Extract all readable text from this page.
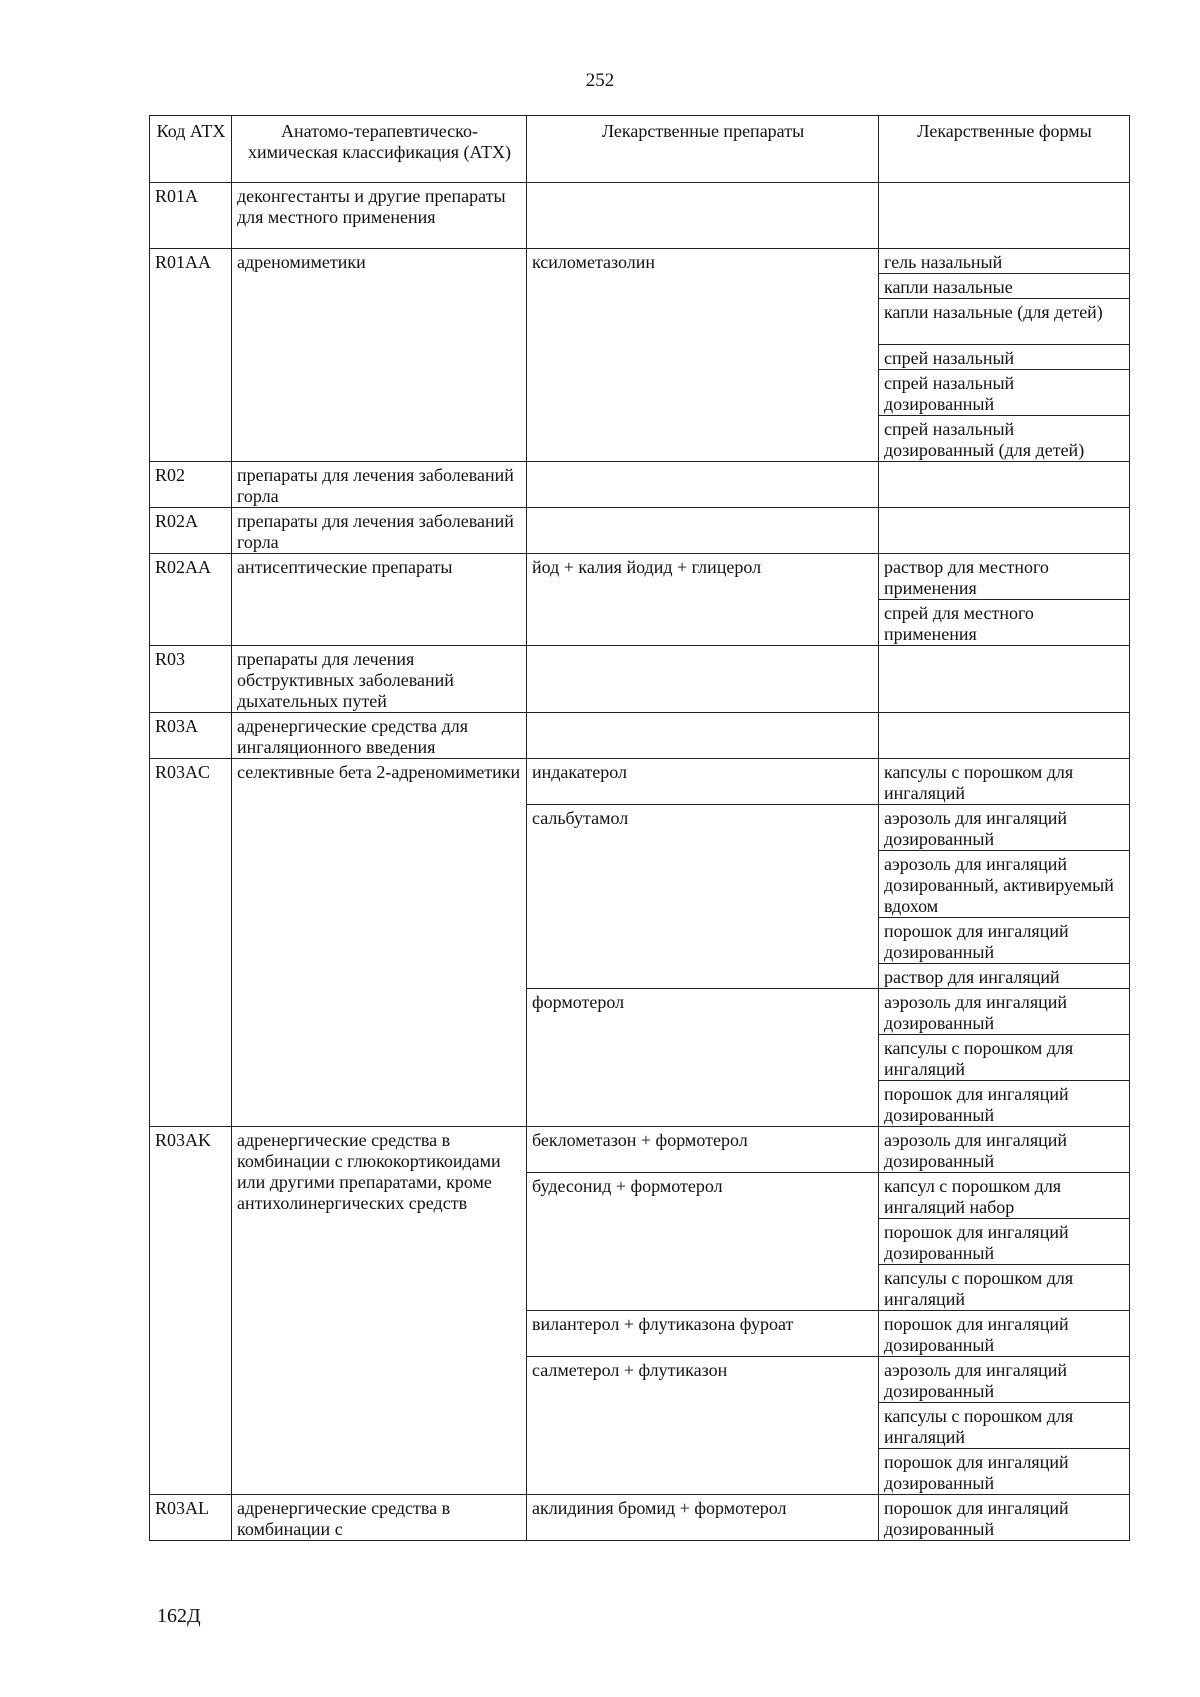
252
Код АТХ	Анатомо-терапевтическо-химическая классификация (АТХ)	Лекарственные препараты	Лекарственные формы
R01A	деконгестанты и другие препараты для местного применения		
R01AA	адреномиметики	ксилометазолин	гель назальный
			капли назальные
			капли назальные (для детей)
			спрей назальный
			спрей назальный дозированный
			спрей назальный дозированный (для детей)
R02	препараты для лечения заболеваний горла		
R02A	препараты для лечения заболеваний горла		
R02AA	антисептические препараты	йод + калия йодид + глицерол	раствор для местного применения
			спрей для местного применения
R03	препараты для лечения обструктивных заболеваний дыхательных путей		
R03A	адренергические средства для ингаляционного введения		
R03AC	селективные бета 2-адреномиметики	индакатерол	капсулы с порошком для ингаляций
		сальбутамол	аэрозоль для ингаляций дозированный
			аэрозоль для ингаляций дозированный, активируемый вдохом
			порошок для ингаляций дозированный
			раствор для ингаляций
		формотерол	аэрозоль для ингаляций дозированный
			капсулы с порошком для ингаляций
			порошок для ингаляций дозированный
R03AK	адренергические средства в комбинации с глюкокортикоидами или другими препаратами, кроме антихолинергических средств	беклометазон + формотерол	аэрозоль для ингаляций дозированный
		будесонид + формотерол	капсул с порошком для ингаляций набор
			порошок для ингаляций дозированный
			капсулы с порошком для ингаляций
		вилантерол + флутиказона фуроат	порошок для ингаляций дозированный
		салметерол + флутиказон	аэрозоль для ингаляций дозированный
			капсулы с порошком для ингаляций
			порошок для ингаляций дозированный
R03AL	адренергические средства в комбинации с	аклидиния бромид + формотерол	порошок для ингаляций дозированный
162Д
